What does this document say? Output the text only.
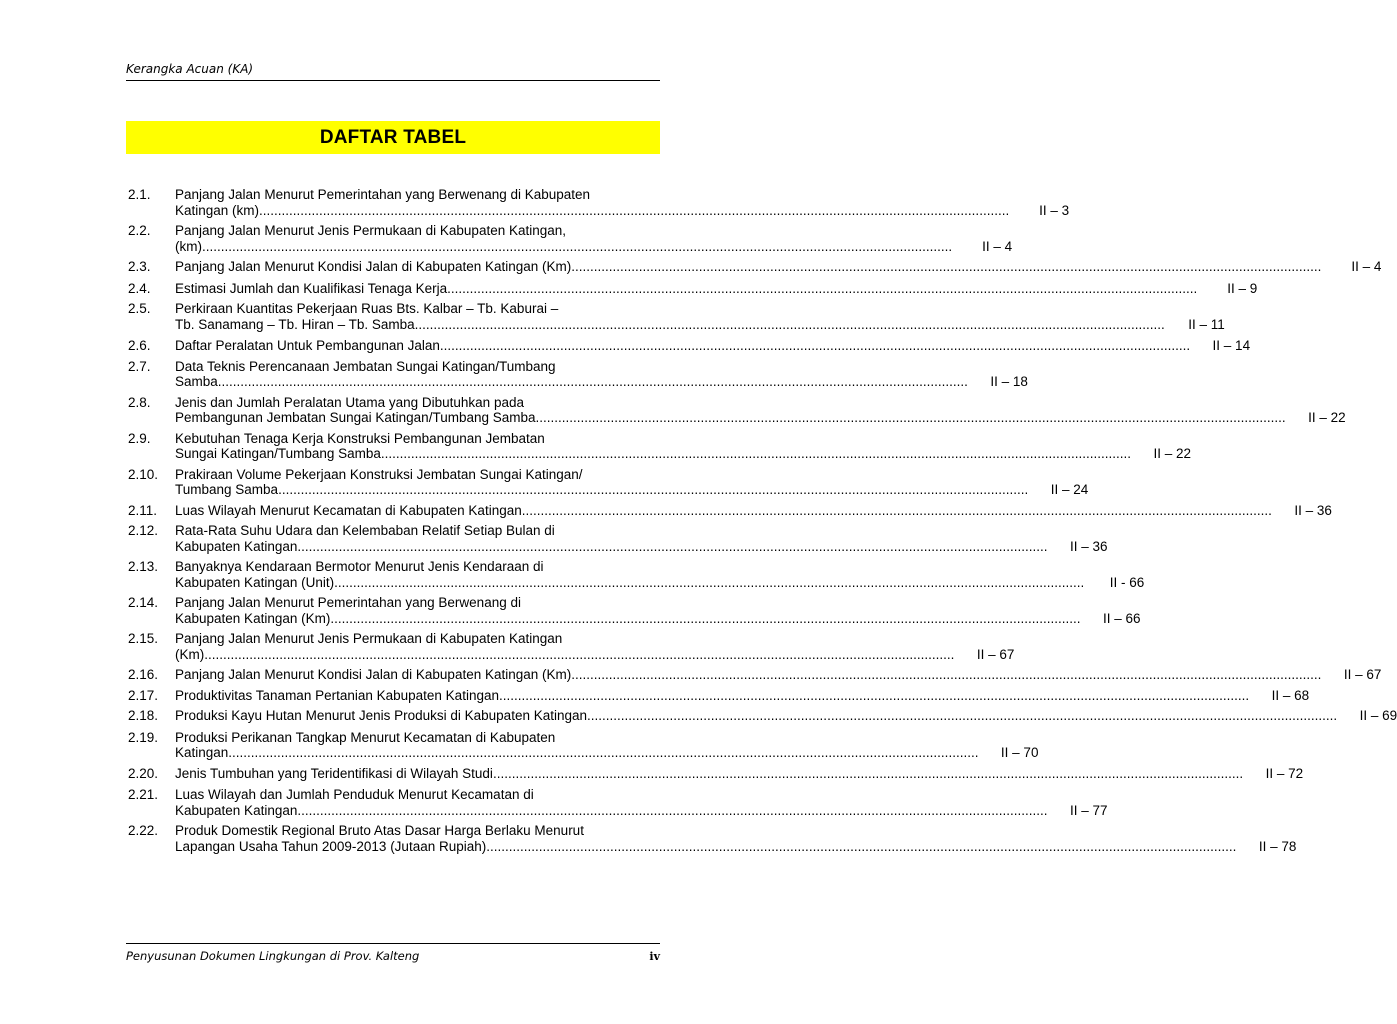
Kerangka Acuan (KA)
DAFTAR TABEL
2.1. Panjang Jalan Menurut Pemerintahan yang Berwenang di Kabupaten
Katingan (km) ........................................................................................................................................................................................................	II – 3
2.2. Panjang Jalan Menurut Jenis Permukaan di Kabupaten Katingan,
(km) ........................................................................................................................................................................................................	II – 4
2.3. Panjang Jalan Menurut Kondisi Jalan di Kabupaten Katingan (Km) ........................................................................................................................................................................................................	II – 4
2.4. Estimasi Jumlah dan Kualifikasi Tenaga Kerja ........................................................................................................................................................................................................	II – 9
2.5. Perkiraan Kuantitas Pekerjaan Ruas Bts. Kalbar – Tb. Kaburai –
Tb. Sanamang – Tb. Hiran – Tb. Samba ........................................................................................................................................................................................................	II – 11
2.6. Daftar Peralatan Untuk Pembangunan Jalan ........................................................................................................................................................................................................	II – 14
2.7. Data Teknis Perencanaan Jembatan Sungai Katingan/Tumbang
Samba ........................................................................................................................................................................................................	II – 18
2.8. Jenis dan Jumlah Peralatan Utama yang Dibutuhkan pada
Pembangunan Jembatan Sungai Katingan/Tumbang Samba ........................................................................................................................................................................................................	II – 22
2.9. Kebutuhan Tenaga Kerja Konstruksi Pembangunan Jembatan
Sungai Katingan/Tumbang Samba ........................................................................................................................................................................................................	II – 22
2.10. Prakiraan Volume Pekerjaan Konstruksi Jembatan Sungai Katingan/
Tumbang Samba ........................................................................................................................................................................................................	II – 24
2.11. Luas Wilayah Menurut Kecamatan di Kabupaten Katingan ........................................................................................................................................................................................................	II – 36
2.12. Rata-Rata Suhu Udara dan Kelembaban Relatif Setiap Bulan di
Kabupaten Katingan ........................................................................................................................................................................................................	II – 36
2.13. Banyaknya Kendaraan Bermotor Menurut Jenis Kendaraan di
Kabupaten Katingan (Unit) ........................................................................................................................................................................................................	II - 66
2.14. Panjang Jalan Menurut Pemerintahan yang Berwenang di
Kabupaten Katingan (Km) ........................................................................................................................................................................................................	II – 66
2.15. Panjang Jalan Menurut Jenis Permukaan di Kabupaten Katingan
(Km) ........................................................................................................................................................................................................	II – 67
2.16. Panjang Jalan Menurut Kondisi Jalan di Kabupaten Katingan (Km) ........................................................................................................................................................................................................	II – 67
2.17. Produktivitas Tanaman Pertanian Kabupaten Katingan ........................................................................................................................................................................................................	II – 68
2.18. Produksi Kayu Hutan Menurut Jenis Produksi di Kabupaten Katingan ........................................................................................................................................................................................................	II – 69
2.19. Produksi Perikanan Tangkap Menurut Kecamatan di Kabupaten
Katingan ........................................................................................................................................................................................................	II – 70
2.20. Jenis Tumbuhan yang Teridentifikasi di Wilayah Studi ........................................................................................................................................................................................................	II – 72
2.21. Luas Wilayah dan Jumlah Penduduk Menurut Kecamatan di
Kabupaten Katingan ........................................................................................................................................................................................................	II – 77
2.22. Produk Domestik Regional Bruto Atas Dasar Harga Berlaku Menurut
Lapangan Usaha Tahun 2009-2013 (Jutaan Rupiah) ........................................................................................................................................................................................................	II – 78
Penyusunan Dokumen Lingkungan di Prov. Kalteng	iv
